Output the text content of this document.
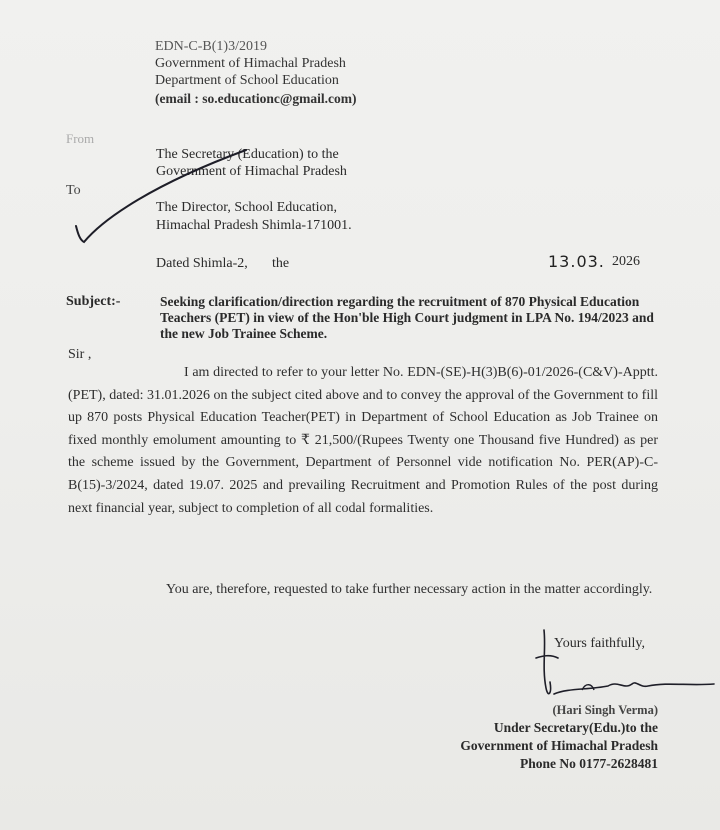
EDN-C-B(1)3/2019
Government of Himachal Pradesh
Department of School Education
(email : so.educationc@gmail.com)
From
The Secretary (Education) to the
Government of Himachal Pradesh
To
The Director, School Education,
Himachal Pradesh Shimla-171001.
Dated Shimla-2, the	13.03. 2026
Subject:-	Seeking clarification/direction regarding the recruitment of 870 Physical Education Teachers (PET) in view of the Hon'ble High Court judgment in LPA No. 194/2023 and the new Job Trainee Scheme.
Sir ,
I am directed to refer to your letter No. EDN-(SE)-H(3)B(6)-01/2026-(C&V)-Apptt.(PET), dated: 31.01.2026 on the subject cited above and to convey the approval of the Government to fill up 870 posts Physical Education Teacher(PET) in Department of School Education as Job Trainee on fixed monthly emolument amounting to ₹ 21,500/(Rupees Twenty one Thousand five Hundred) as per the scheme issued by the Government, Department of Personnel vide notification No. PER(AP)-C-B(15)-3/2024, dated 19.07. 2025 and prevailing Recruitment and Promotion Rules of the post during next financial year, subject to completion of all codal formalities.
You are, therefore, requested to take further necessary action in the matter accordingly.
Yours faithfully,
(Hari Singh Verma)
Under Secretary(Edu.)to the
Government of Himachal Pradesh
Phone No 0177-2628481
